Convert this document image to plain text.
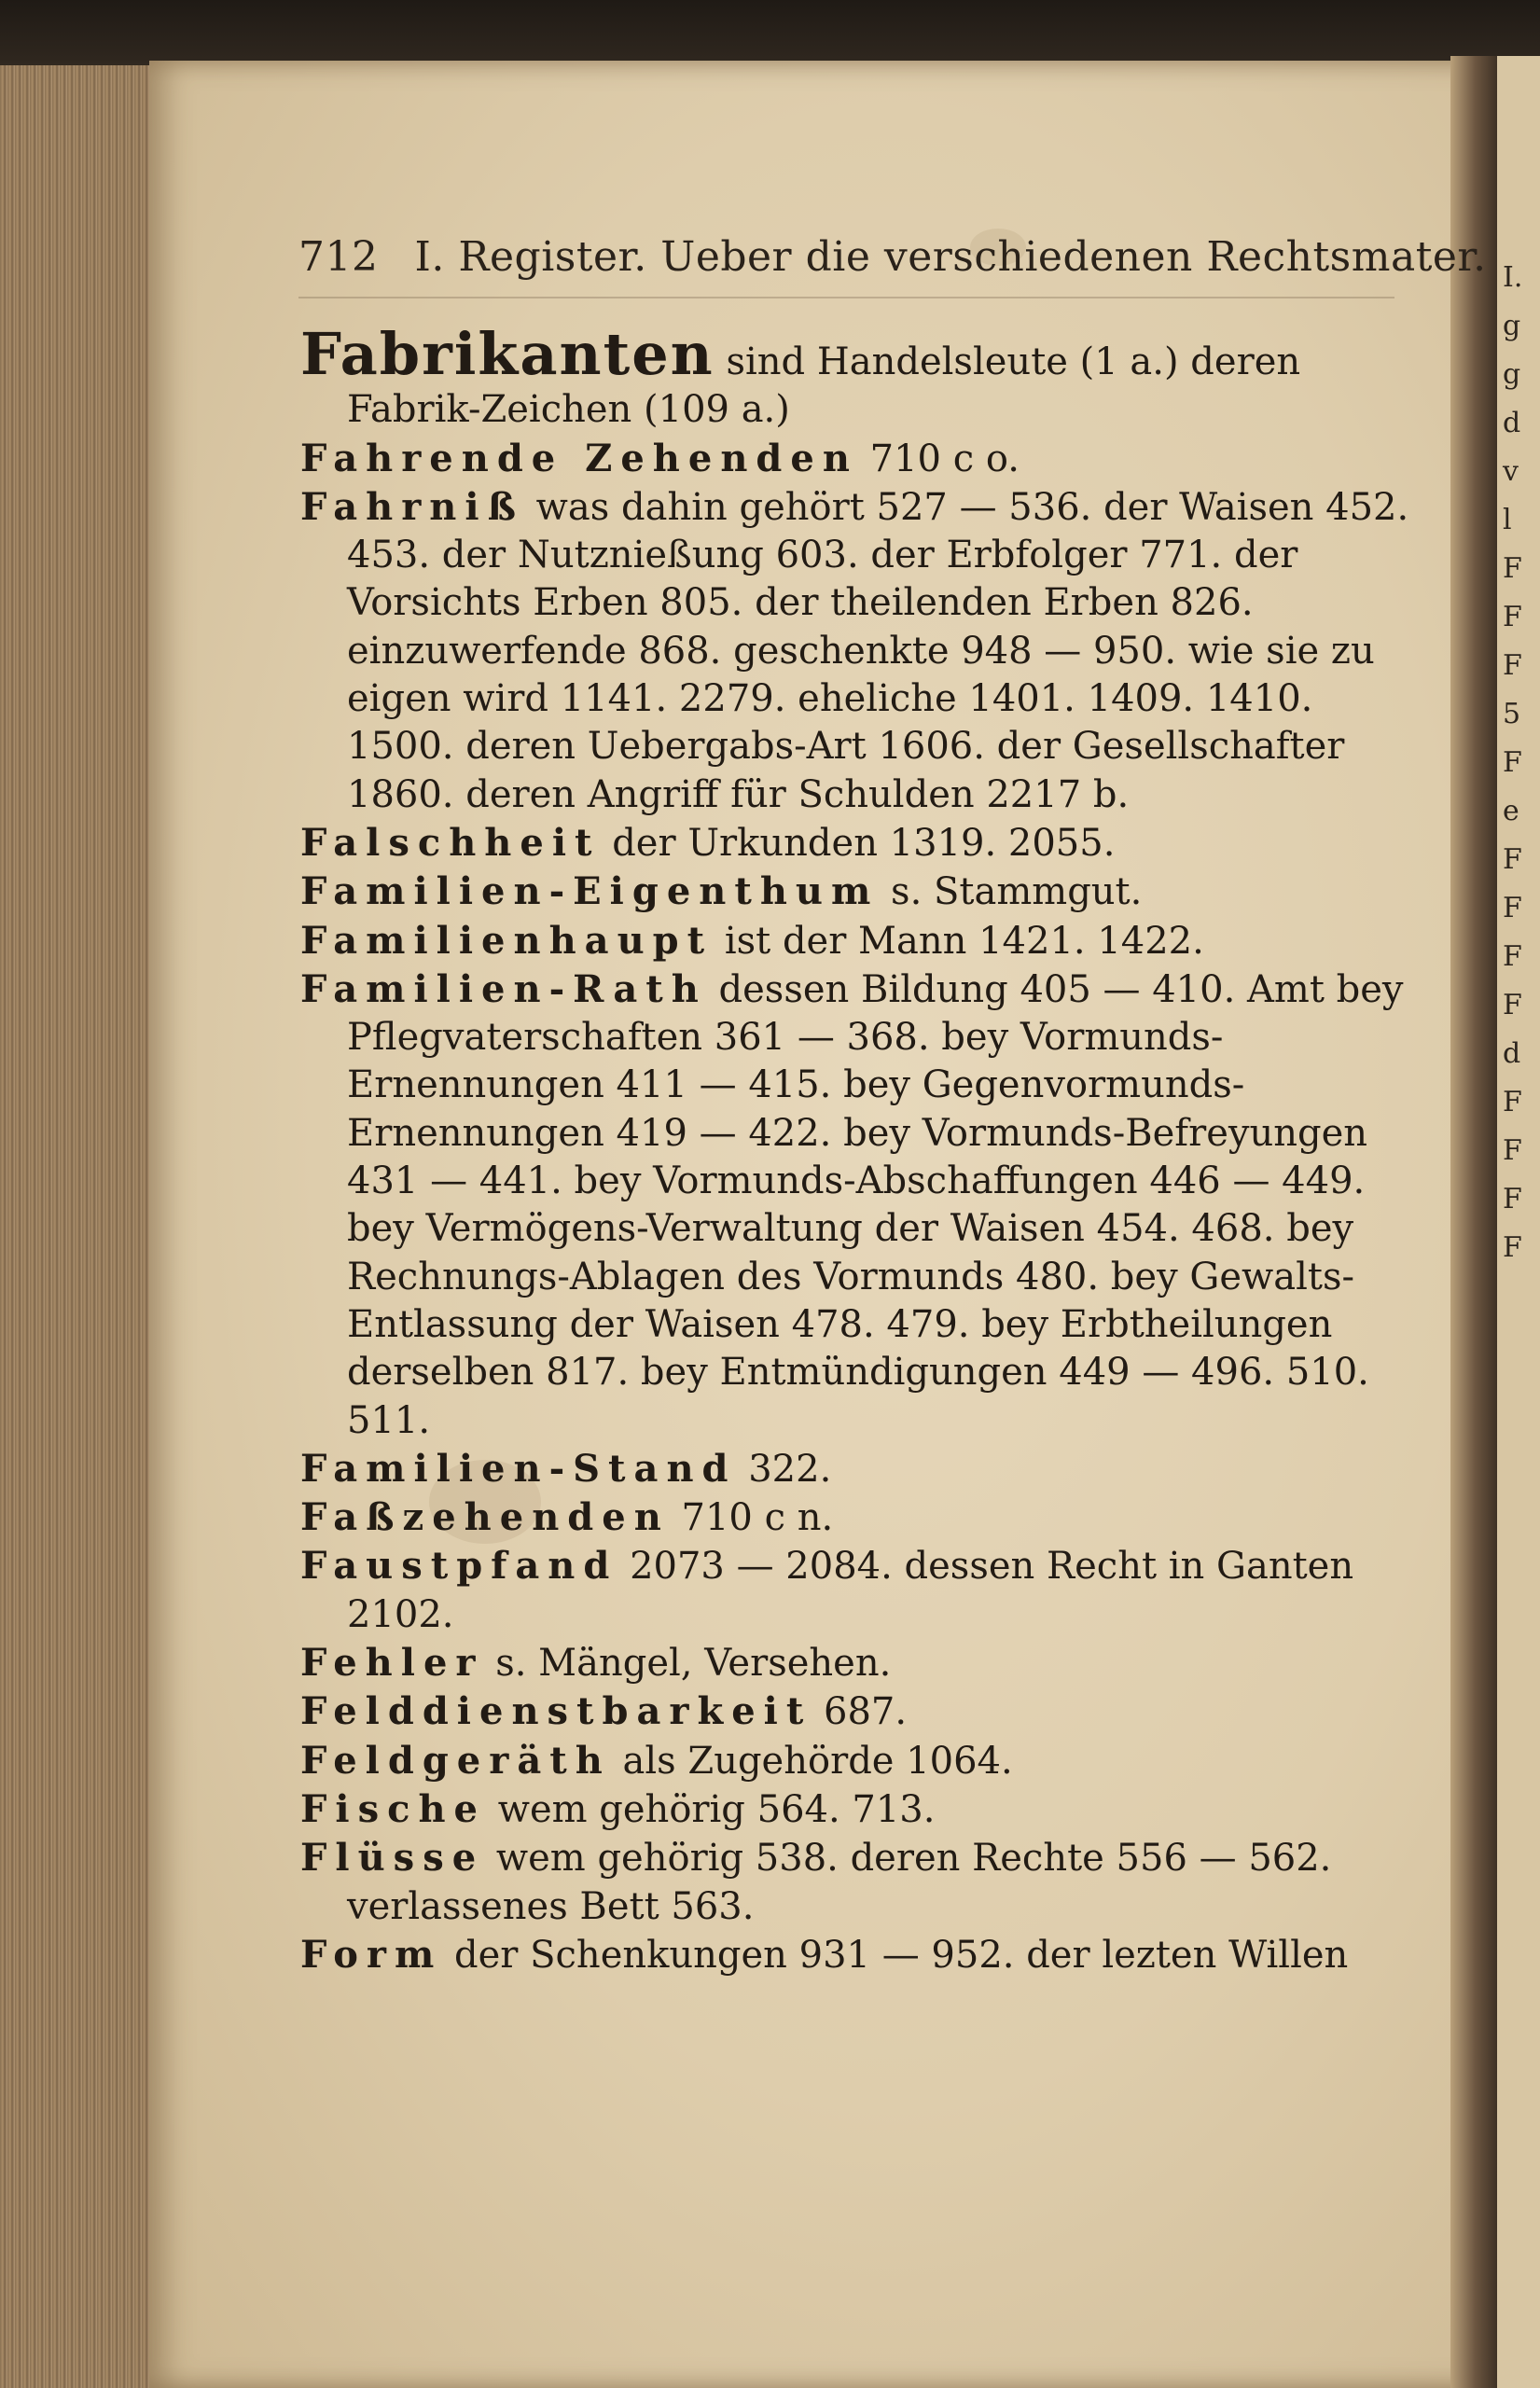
I.
g
g
d
v
l
F
F
F
5
F
e
F
F
F
F
d
F
F
F
F
712 I. Register. Ueber die verschiedenen Rechtsmater.

Fabrikanten sind Handelsleute (1 a.) deren Fabrik-Zeichen (109 a.)

Fahrende Zehenden 710 c o.

Fahrniß was dahin gehört 527 — 536. der Waisen 452. 453. der Nutznießung 603. der Erbfolger 771. der Vorsichts Erben 805. der theilenden Erben 826. einzuwerfende 868. geschenkte 948 — 950. wie sie zu eigen wird 1141. 2279. eheliche 1401. 1409. 1410. 1500. deren Uebergabs-Art 1606. der Gesellschafter 1860. deren Angriff für Schulden 2217 b.

Falschheit der Urkunden 1319. 2055.

Familien-Eigenthum s. Stammgut.

Familienhaupt ist der Mann 1421. 1422.

Familien-Rath dessen Bildung 405 — 410. Amt bey Pflegvaterschaften 361 — 368. bey Vormunds-Ernennungen 411 — 415. bey Gegenvormunds-Ernennungen 419 — 422. bey Vormunds-Befreyungen 431 — 441. bey Vormunds-Abschaffungen 446 — 449. bey Vermögens-Verwaltung der Waisen 454. 468. bey Rechnungs-Ablagen des Vormunds 480. bey Gewalts-Entlassung der Waisen 478. 479. bey Erbtheilungen derselben 817. bey Entmündigungen 449 — 496. 510. 511.

Familien-Stand 322.

Faßzehenden 710 c n.

Faustpfand 2073 — 2084. dessen Recht in Ganten 2102.

Fehler s. Mängel, Versehen.

Felddienstbarkeit 687.

Feldgeräth als Zugehörde 1064.

Fische wem gehörig 564. 713.

Flüsse wem gehörig 538. deren Rechte 556 — 562. verlassenes Bett 563.

Form der Schenkungen 931 — 952. der lezten Willen
